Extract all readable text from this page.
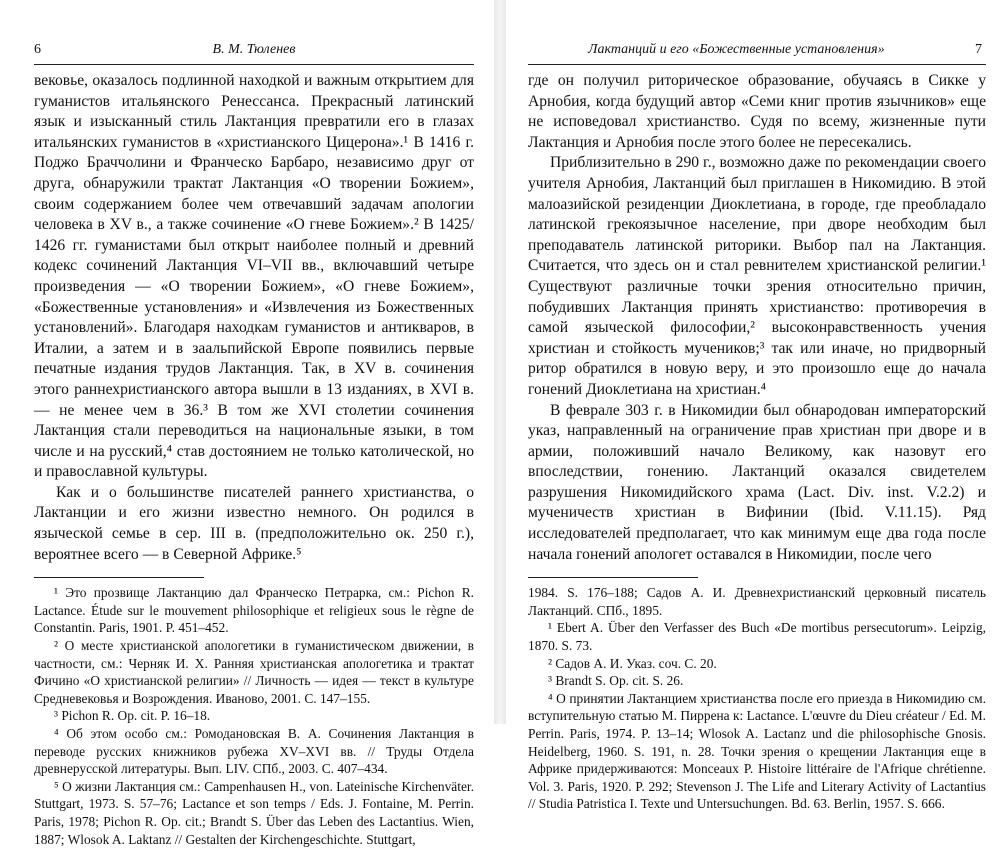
6	В. М. Тюленев

вековье, оказалось подлинной находкой и важным открытием для гуманистов итальянского Ренессанса. Прекрасный латинский язык и изысканный стиль Лактанция превратили его в глазах итальянских гуманистов в «христианского Цицерона».¹ В 1416 г. Поджо Браччолини и Франческо Барбаро, независимо друг от друга, обнаружили трактат Лактанция «О творении Божием», своим содержанием более чем отвечавший задачам апологии человека в XV в., а также сочинение «О гневе Божием».² В 1425/ 1426 гг. гуманистами был открыт наиболее полный и древний кодекс сочинений Лактанция VI–VII вв., включавший четыре произведения — «О творении Божием», «О гневе Божием», «Божественные установления» и «Извлечения из Божественных установлений». Благодаря находкам гуманистов и антикваров, в Италии, а затем и в заальпийской Европе появились первые печатные издания трудов Лактанция. Так, в XV в. сочинения этого раннехристианского автора вышли в 13 изданиях, в XVI в. — не менее чем в 36.³ В том же XVI столетии сочинения Лактанция стали переводиться на национальные языки, в том числе и на русский,⁴ став достоянием не только католической, но и православной культуры.

Как и о большинстве писателей раннего христианства, о Лактанции и его жизни известно немного. Он родился в языческой семье в сер. III в. (предположительно ок. 250 г.), вероятнее всего — в Северной Африке.⁵

¹ Это прозвище Лактанцию дал Франческо Петрарка, см.: Pichon R. Lactance. Étude sur le mouvement philosophique et religieux sous le règne de Constantin. Paris, 1901. P. 451–452.

² О месте христианской апологетики в гуманистическом движении, в частности, см.: Черняк И. Х. Ранняя христианская апологетика и трактат Фичино «О христианской религии» // Личность — идея — текст в культуре Средневековья и Возрождения. Иваново, 2001. С. 147–155.

³ Pichon R. Op. cit. P. 16–18.

⁴ Об этом особо см.: Ромодановская В. А. Сочинения Лактанция в переводе русских книжников рубежа XV–XVI вв. // Труды Отдела древнерусской литературы. Вып. LIV. СПб., 2003. С. 407–434.

⁵ О жизни Лактанция см.: Campenhausen H., von. Lateinische Kirchenväter. Stuttgart, 1973. S. 57–76; Lactance et son temps / Eds. J. Fontaine, M. Perrin. Paris, 1978; Pichon R. Op. cit.; Brandt S. Über das Leben des Lactantius. Wien, 1887; Wlosok A. Laktanz // Gestalten der Kirchengeschichte. Stuttgart,

Лактанций и его «Божественные установления»	7

где он получил риторическое образование, обучаясь в Сикке у Арнобия, когда будущий автор «Семи книг против язычников» еще не исповедовал христианство. Судя по всему, жизненные пути Лактанция и Арнобия после этого более не пересекались.

Приблизительно в 290 г., возможно даже по рекомендации своего учителя Арнобия, Лактанций был приглашен в Никомидию. В этой малоазийской резиденции Диоклетиана, в городе, где преобладало латинской грекоязычное население, при дворе необходим был преподаватель латинской риторики. Выбор пал на Лактанция. Считается, что здесь он и стал ревнителем христианской религии.¹ Существуют различные точки зрения относительно причин, побудивших Лактанция принять христианство: противоречия в самой языческой философии,² высоконравственность учения христиан и стойкость мучеников;³ так или иначе, но придворный ритор обратился в новую веру, и это произошло еще до начала гонений Диоклетиана на христиан.⁴

В феврале 303 г. в Никомидии был обнародован императорский указ, направленный на ограничение прав христиан при дворе и в армии, положивший начало Великому, как назовут его впоследствии, гонению. Лактанций оказался свидетелем разрушения Никомидийского храма (Lact. Div. inst. V.2.2) и мученичеств христиан в Вифинии (Ibid. V.11.15). Ряд исследователей предполагает, что как минимум еще два года после начала гонений апологет оставался в Никомидии, после чего

1984. S. 176–188; Садов А. И. Древнехристианский церковный писатель Лактанций. СПб., 1895.

¹ Ebert A. Über den Verfasser des Buch «De mortibus persecutorum». Leipzig, 1870. S. 73.

² Садов А. И. Указ. соч. С. 20.

³ Brandt S. Op. cit. S. 26.

⁴ О принятии Лактанцием христианства после его приезда в Никомидию см. вступительную статью М. Пиррена к: Lactance. L'œuvre du Dieu créateur / Ed. M. Perrin. Paris, 1974. P. 13–14; Wlosok A. Lactanz und die philosophische Gnosis. Heidelberg, 1960. S. 191, n. 28. Точки зрения о крещении Лактанция еще в Африке придерживаются: Monceaux P. Histoire littéraire de l'Afrique chrétienne. Vol. 3. Paris, 1920. P. 292; Stevenson J. The Life and Literary Activity of Lactantius // Studia Patristica I. Texte und Untersuchungen. Bd. 63. Berlin, 1957. S. 666.
